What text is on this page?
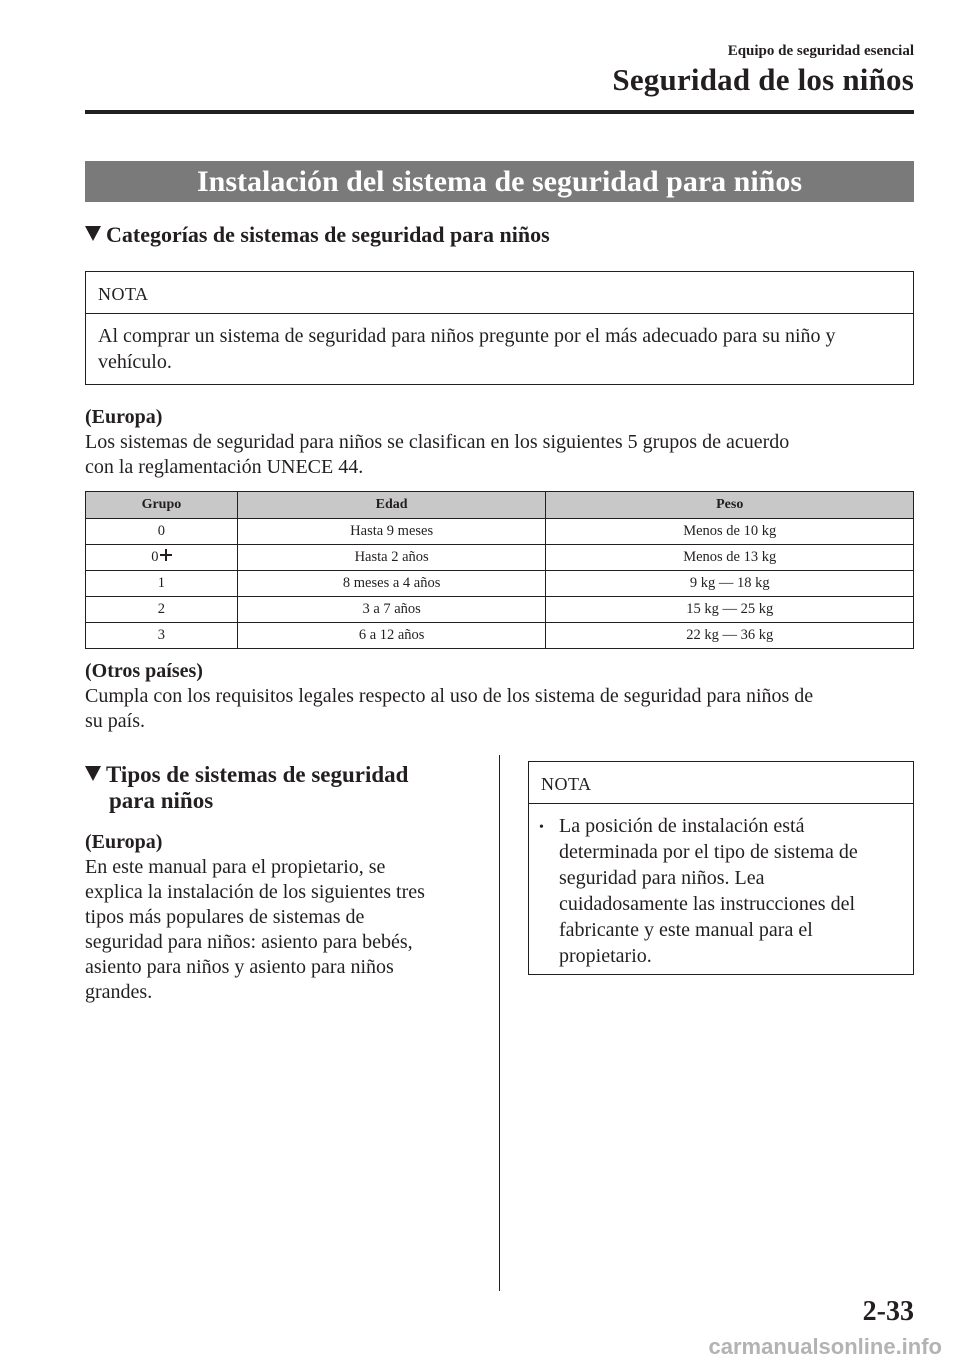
Equipo de seguridad esencial
Seguridad de los niños
Instalación del sistema de seguridad para niños
Categorías de sistemas de seguridad para niños
NOTA
Al comprar un sistema de seguridad para niños pregunte por el más adecuado para su niño y vehículo.
(Europa)
Los sistemas de seguridad para niños se clasifican en los siguientes 5 grupos de acuerdo
con la reglamentación UNECE 44.
Grupo	Edad	Peso
0	Hasta 9 meses	Menos de 10 kg
0	Hasta 2 años	Menos de 13 kg
1	8 meses a 4 años	9 kg ― 18 kg
2	3 a 7 años	15 kg ― 25 kg
3	6 a 12 años	22 kg ― 36 kg
(Otros países)
Cumpla con los requisitos legales respecto al uso de los sistema de seguridad para niños de
su país.
Tipos de sistemas de seguridad
para niños
(Europa)
En este manual para el propietario, se
explica la instalación de los siguientes tres
tipos más populares de sistemas de
seguridad para niños: asiento para bebés,
asiento para niños y asiento para niños
grandes.
NOTA
• La posición de instalación está
determinada por el tipo de sistema de
seguridad para niños. Lea
cuidadosamente las instrucciones del
fabricante y este manual para el
propietario.
2-33
carmanualsonline.info
